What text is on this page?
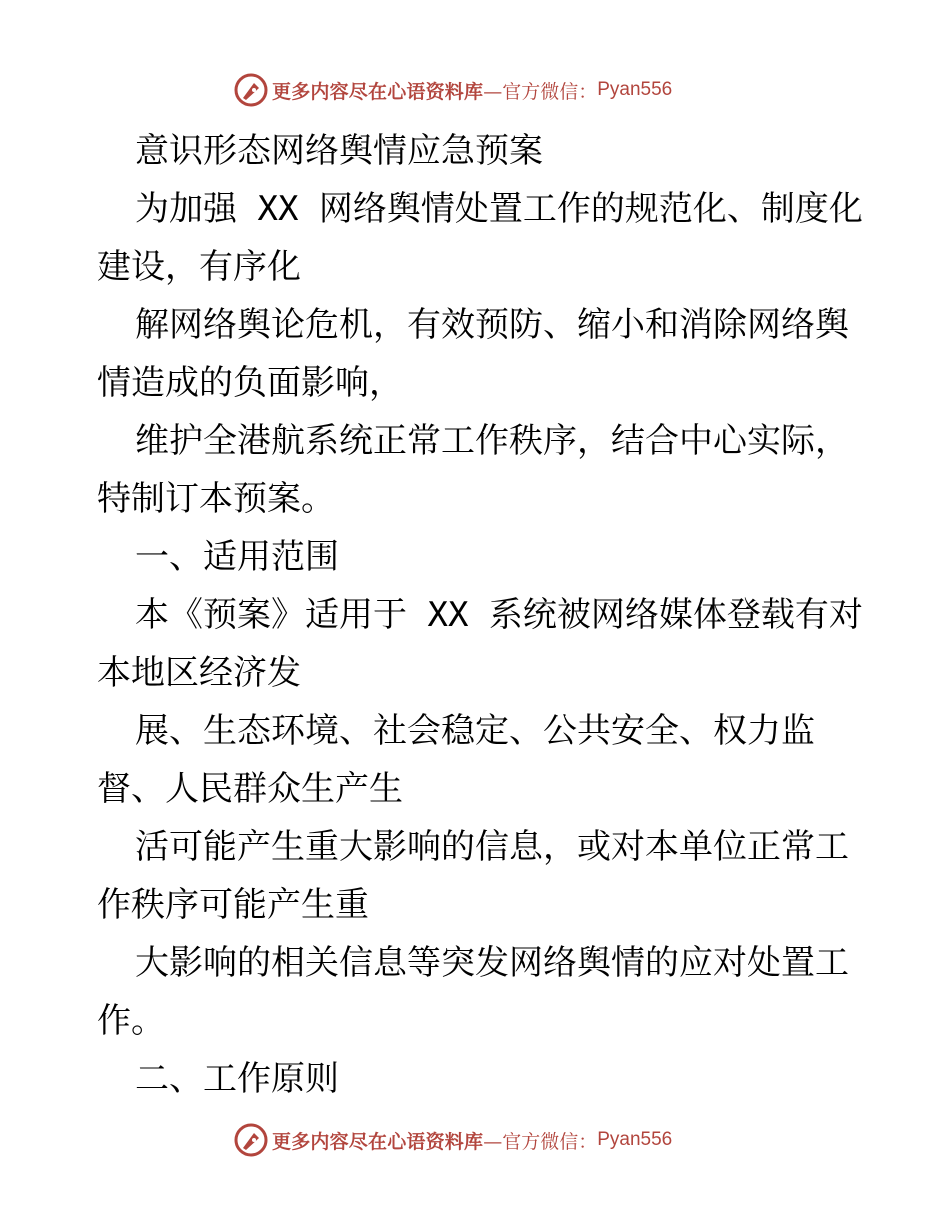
更多内容尽在心语资料库 —官方微信： Pyan556
意识形态网络舆情应急预案
为加强 XX 网络舆情处置工作的规范化、制度化
建设，有序化
解网络舆论危机，有效预防、缩小和消除网络舆
情造成的负面影响，
维护全港航系统正常工作秩序，结合中心实际，
特制订本预案。
一、适用范围
本《预案》适用于 XX 系统被网络媒体登载有对
本地区经济发
展、生态环境、社会稳定、公共安全、权力监
督、人民群众生产生
活可能产生重大影响的信息，或对本单位正常工
作秩序可能产生重
大影响的相关信息等突发网络舆情的应对处置工
作。
二、工作原则
更多内容尽在心语资料库 —官方微信： Pyan556
